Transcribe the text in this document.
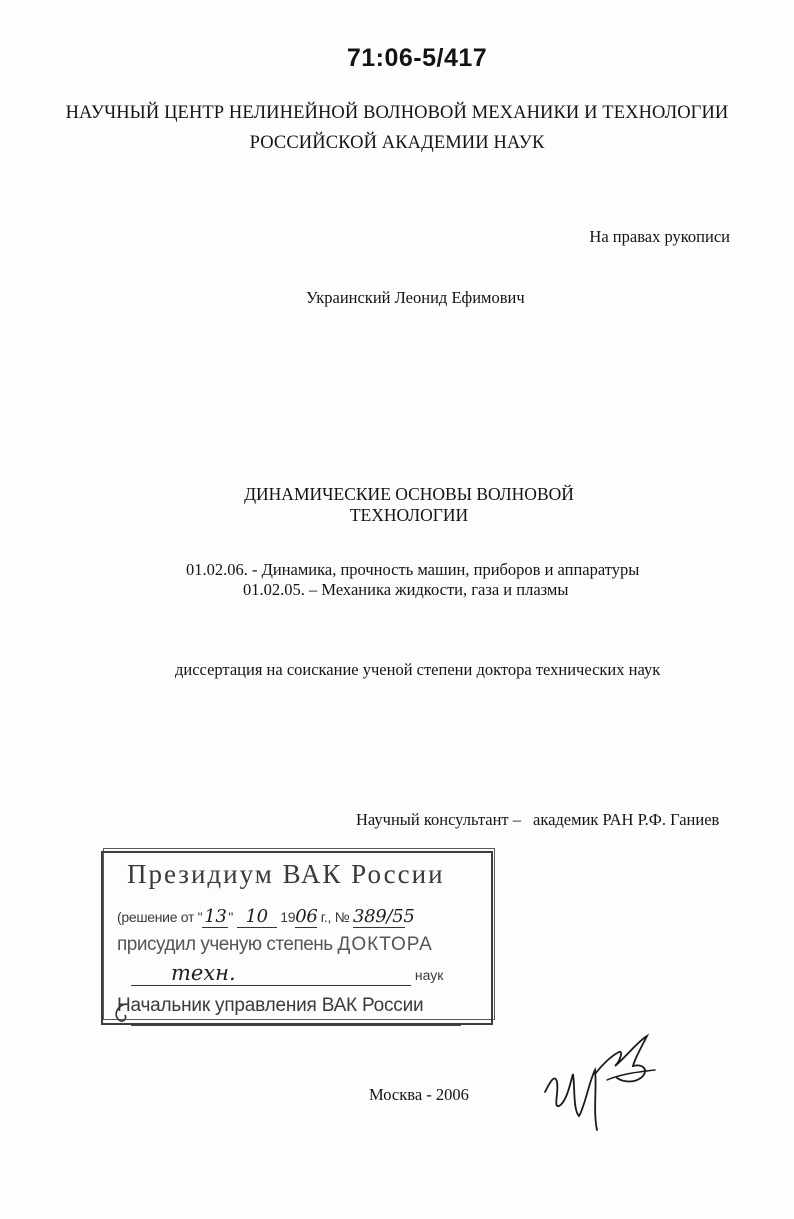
71:06-5/417
НАУЧНЫЙ ЦЕНТР НЕЛИНЕЙНОЙ ВОЛНОВОЙ МЕХАНИКИ И ТЕХНОЛОГИИ
РОССИЙСКОЙ АКАДЕМИИ НАУК
На правах рукописи
Украинский Леонид Ефимович
ДИНАМИЧЕСКИЕ ОСНОВЫ ВОЛНОВОЙ
ТЕХНОЛОГИИ
01.02.06. - Динамика, прочность машин, приборов и аппаратуры
01.02.05. – Механика жидкости, газа и плазмы
диссертация на соискание ученой степени доктора технических наук
Научный консультант – академик РАН Р.Ф. Ганиев
Президиум ВАК России
(решение от " 13 " 10 1906 г., № 389/55
присудил ученую степень ДОКТОРА
техн.	наук
Начальник управления ВАК России
Москва - 2006
